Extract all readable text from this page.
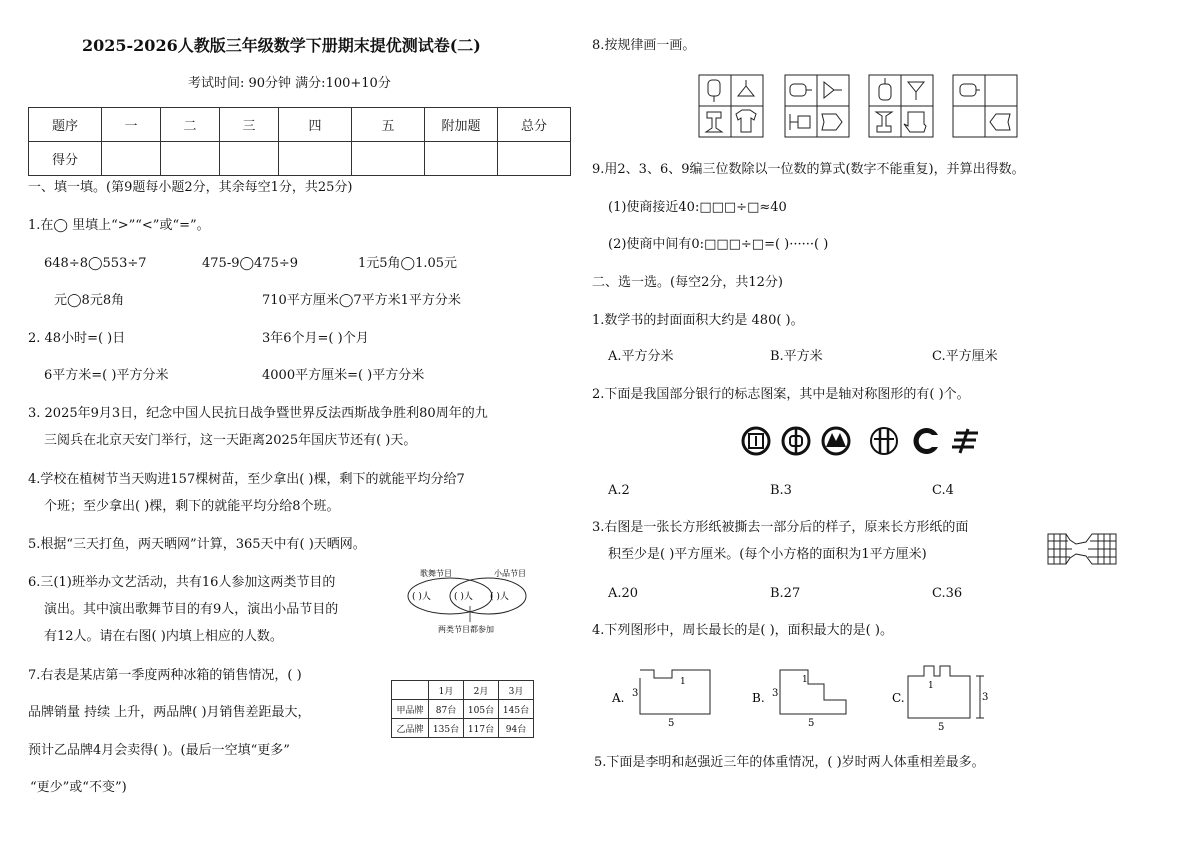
2025-2026人教版三年级数学下册期末提优测试卷(二)
考试时间: 90分钟 满分:100+10分
题序	一	二	三	四	五	附加题	总分
得分							
一、填一填。(第9题每小题2分，其余每空1分，共25分)
1.在◯ 里填上“>”“<”或“=”。
648÷8◯553÷7	475-9◯475÷9	1元5角◯1.05元
元◯8元8角	710平方厘米◯7平方米1平方分米
2. 48小时=( )日	3年6个月=( )个月
6平方米=( )平方分米	4000平方厘米=( )平方分米
3. 2025年9月3日，纪念中国人民抗日战争暨世界反法西斯战争胜利80周年的九
三阅兵在北京天安门举行，这一天距离2025年国庆节还有( )天。
4.学校在植树节当天购进157棵树苗，至少拿出( )棵，剩下的就能平均分给7
个班；至少拿出( )棵，剩下的就能平均分给8个班。
5.根据“三天打鱼，两天晒网”计算，365天中有( )天晒网。
6.三(1)班举办文艺活动，共有16人参加这两类节目的
演出。其中演出歌舞节目的有9人，演出小品节目的
有12人。请在右图( )内填上相应的人数。
歌舞节目	小品节目
( )人	( )人 ( )人
两类节目都参加
7.右表是某店第一季度两种冰箱的销售情况，( )
品牌销量 持续 上升，两品牌( )月销售差距最大，
预计乙品牌4月会卖得( )。(最后一空填“更多”
“更少”或“不变”)
	1月	2月	3月
甲品牌	87台	105台	145台
乙品牌	135台	117台	94台
8.按规律画一画。
9.用2、3、6、9编三位数除以一位数的算式(数字不能重复)，并算出得数。
(1)使商接近40:□□□÷□≈40
(2)使商中间有0:□□□÷□=( )······( )
二、选一选。(每空2分，共12分)
1.数学书的封面面积大约是 480( )。
A.平方分米	B.平方米	C.平方厘米
2.下面是我国部分银行的标志图案，其中是轴对称图形的有( )个。
A.2	B.3	C.4
3.右图是一张长方形纸被撕去一部分后的样子，原来长方形纸的面
积至少是( )平方厘米。(每个小方格的面积为1平方厘米)
A.20	B.27	C.36
4.下列图形中，周长最长的是( )，面积最大的是( )。
A. 3
1
5
B. 3
1
5
C.
1
3
5
5.下面是李明和赵强近三年的体重情况，( )岁时两人体重相差最多。
